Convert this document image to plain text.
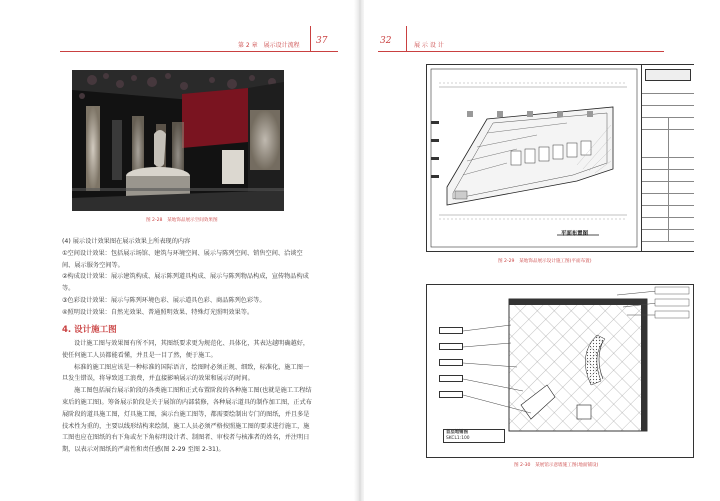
第 2 章　展示设计流程 37
图 2-28　某地饰品展示空间效果图

(4) 展示设计效果图在展示效果上所表现的内容

①空间设计效果：包括展示场馆、建筑与环境空间、展示与陈列空间、销售空间、洽谈空间、展示服务空间等。

②构成设计效果：展示建筑构成、展示陈列道具构成、展示与陈列物品构成，宣传物品构成等。

③色彩设计效果：展示与陈列环境色彩、展示道具色彩、商品陈列色彩等。

④照明设计效果：自然光效果、普通照明效果、特殊灯光照明效果等。

4. 设计施工图

设计施工图与效果图有所不同，其图纸要求更为规范化、具体化，其表达越明确越好，使任何施工人员都能看懂，并且是一目了然，便于施工。

标准的施工图应该是一种标准的国际语言，绘图时必须正规、细致，标准化，施工图一旦发生错误，将导致返工浪费，并直接影响展示的效果和展示的时间。

施工图包括展台展示阶段的各类施工图和正式布置阶段的各种施工图(也就是施工工程结束后的施工图)。筹备展示阶段是关于展馆的内部装修，各种展示道具的制作加工图，正式布展阶段的道具施工图，灯具施工图，演示台施工图等，都需要绘制出专门的图纸，并且多是技术性为重的，主要以线形结构来绘制，施工人员必须严格按照施工图的要求进行施工，施工图也应在图纸的右下角或左下角标明设计者、制图者、审校者与核准者的姓名，并注明日期，以表示对图纸的严肃性和责任感(图 2-29 至图 2-31)。

32	展 示 设 计
平面布置图
图 2-29　某地饰品展示设计施工图(平面布置)
首层地铺图
SKCL1:100
图 2-30　某展馆示意墙施工图(地面铺设)
